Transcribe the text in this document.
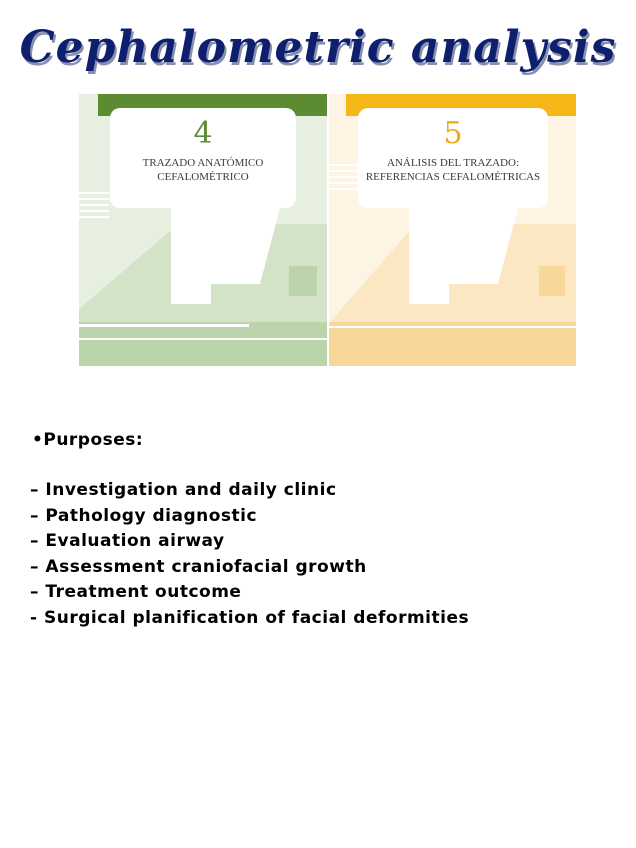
Cephalometric analysis
4
TRAZADO ANATÓMICO
CEFALOMÉTRICO
5
ANÁLISIS DEL TRAZADO:
REFERENCIAS CEFALOMÉTRICAS
•Purposes:
– Investigation and daily clinic
– Pathology diagnostic
– Evaluation airway
– Assessment craniofacial growth
– Treatment outcome
- Surgical planification of facial deformities
